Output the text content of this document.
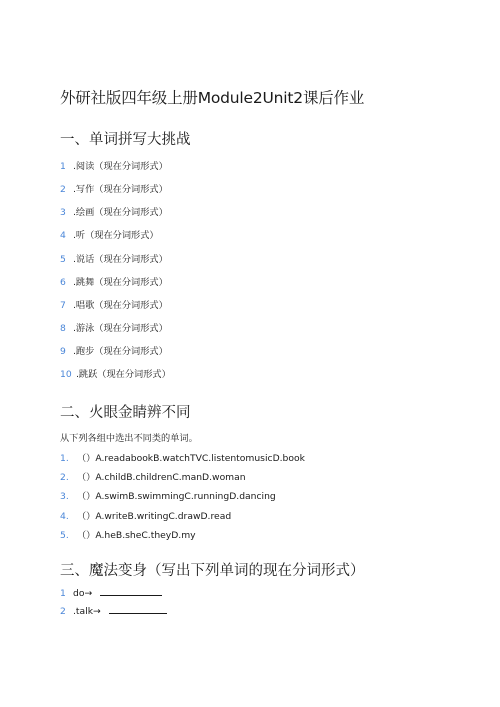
外研社版四年级上册Module2Unit2课后作业
一、单词拼写大挑战
1 .阅读（现在分词形式）
2 .写作（现在分词形式）
3 .绘画（现在分词形式）
4 .听（现在分词形式）
5 .说话（现在分词形式）
6 .跳舞（现在分词形式）
7 .唱歌（现在分词形式）
8 .游泳（现在分词形式）
9 .跑步（现在分词形式）
10 .跳跃（现在分词形式）
二、火眼金睛辨不同
从下列各组中选出不同类的单词。
1. （）A.readabookB.watchTVC.listentomusicD.book
2. （）A.childB.childrenC.manD.woman
3. （）A.swimB.swimmingC.runningD.dancing
4. （）A.writeB.writingC.drawD.read
5. （）A.heB.sheC.theyD.my
三、魔法变身（写出下列单词的现在分词形式）
1 do→
2 .talk→
